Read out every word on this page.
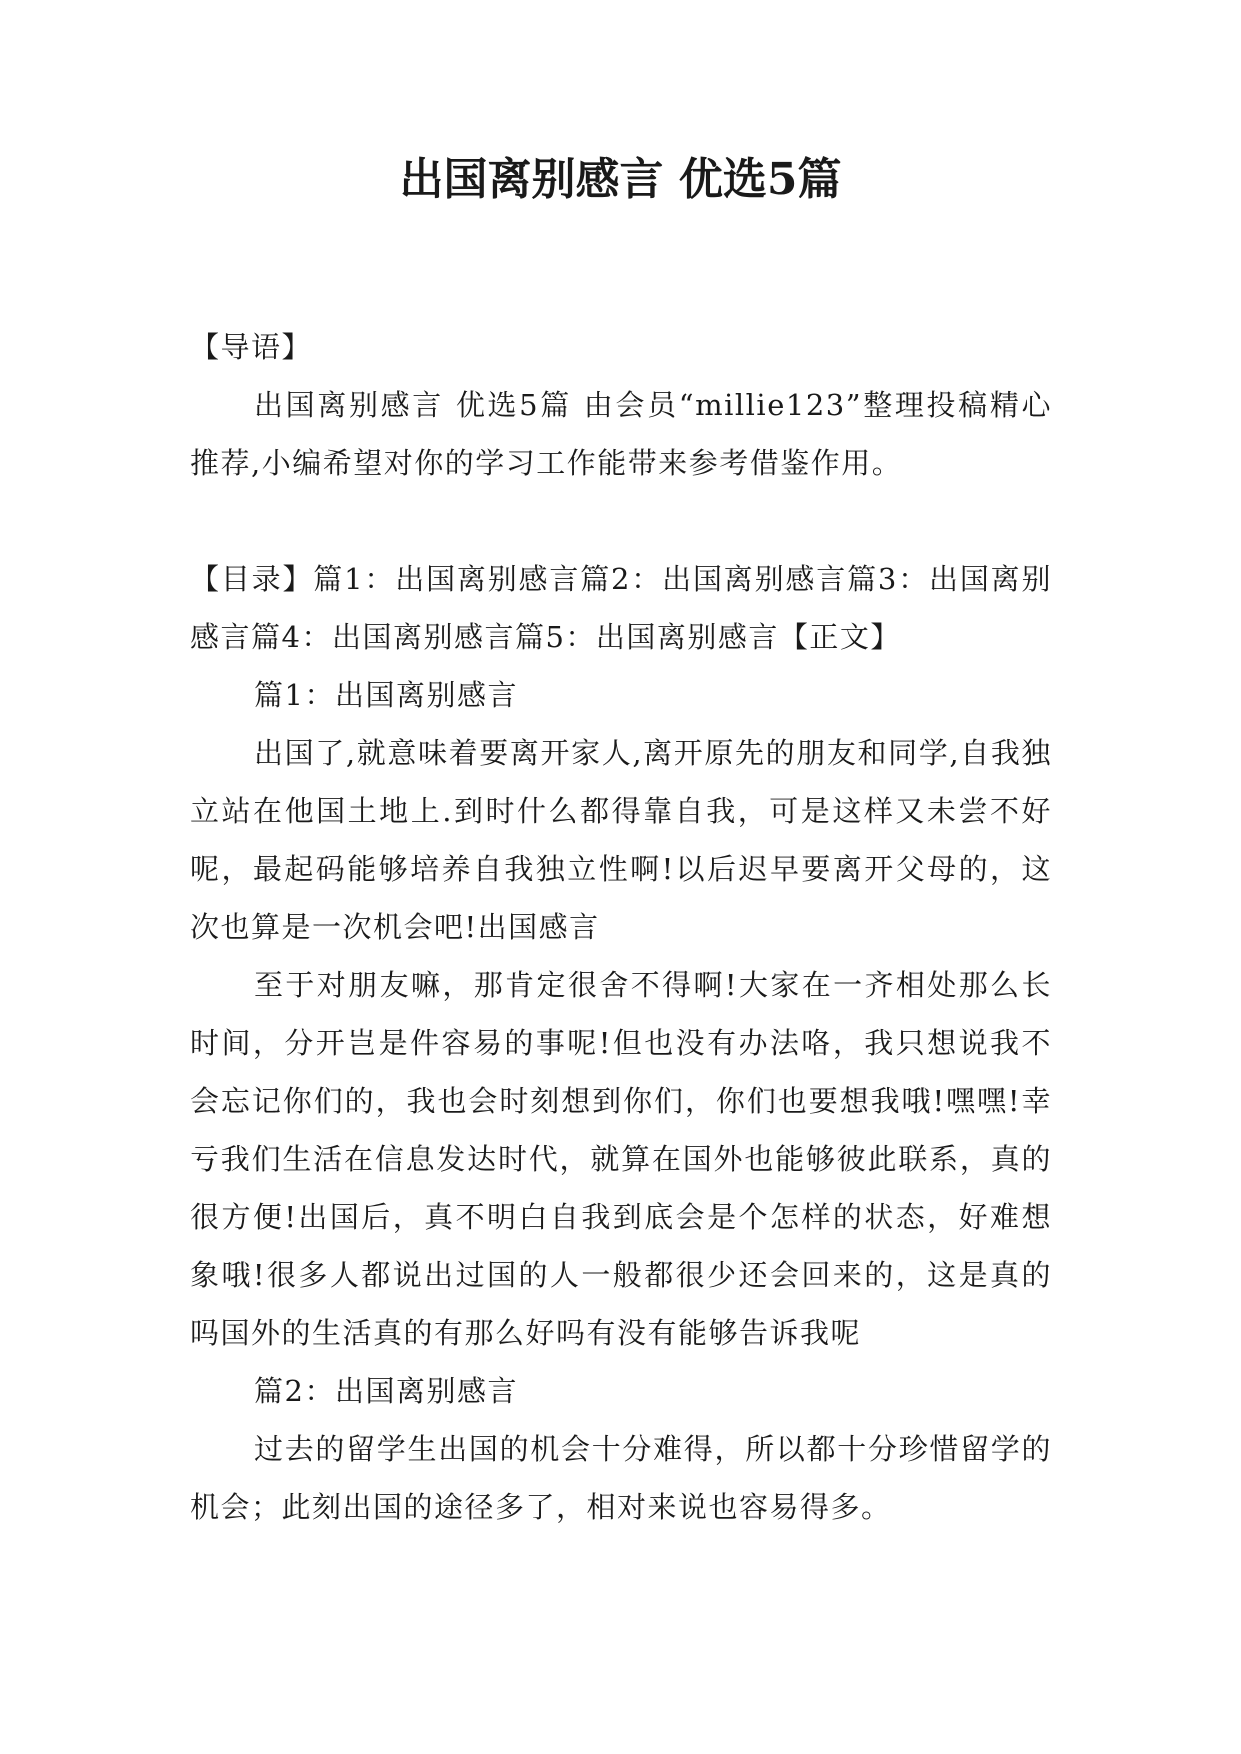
出国离别感言 优选5篇

【导语】

出国离别感言 优选5篇 由会员“millie123”整理投稿精心推荐,小编希望对你的学习工作能带来参考借鉴作用。

【目录】篇1：出国离别感言篇2：出国离别感言篇3：出国离别感言篇4：出国离别感言篇5：出国离别感言【正文】

篇1：出国离别感言

出国了,就意味着要离开家人,离开原先的朋友和同学,自我独立站在他国土地上.到时什么都得靠自我，可是这样又未尝不好呢，最起码能够培养自我独立性啊!以后迟早要离开父母的，这次也算是一次机会吧!出国感言

至于对朋友嘛，那肯定很舍不得啊!大家在一齐相处那么长时间，分开岂是件容易的事呢!但也没有办法咯，我只想说我不会忘记你们的，我也会时刻想到你们，你们也要想我哦!嘿嘿!幸亏我们生活在信息发达时代，就算在国外也能够彼此联系，真的很方便!出国后，真不明白自我到底会是个怎样的状态，好难想象哦!很多人都说出过国的人一般都很少还会回来的，这是真的吗国外的生活真的有那么好吗有没有能够告诉我呢

篇2：出国离别感言

过去的留学生出国的机会十分难得，所以都十分珍惜留学的机会；此刻出国的途径多了，相对来说也容易得多。
